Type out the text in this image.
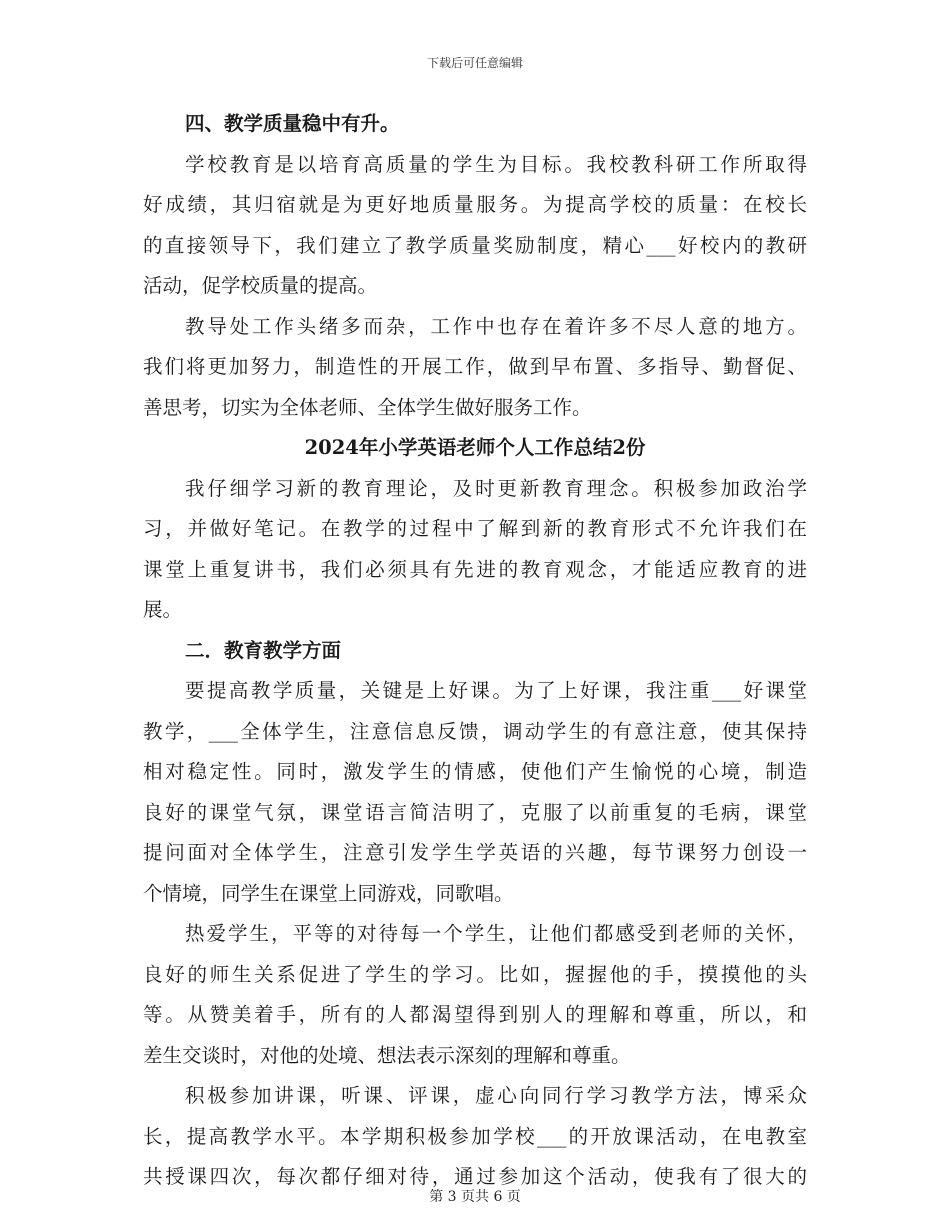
下载后可任意编辑
四、教学质量稳中有升。
学校教育是以培育高质量的学生为目标。我校教科研工作所取得
好成绩，其归宿就是为更好地质量服务。为提高学校的质量：在校长
的直接领导下，我们建立了教学质量奖励制度，精心___好校内的教研
活动，促学校质量的提高。
教导处工作头绪多而杂，工作中也存在着许多不尽人意的地方。
我们将更加努力，制造性的开展工作，做到早布置、多指导、勤督促、
善思考，切实为全体老师、全体学生做好服务工作。
2024年小学英语老师个人工作总结2份
我仔细学习新的教育理论，及时更新教育理念。积极参加政治学
习，并做好笔记。在教学的过程中了解到新的教育形式不允许我们在
课堂上重复讲书，我们必须具有先进的教育观念，才能适应教育的进
展。
二．教育教学方面
要提高教学质量，关键是上好课。为了上好课，我注重___好课堂
教学，___全体学生，注意信息反馈，调动学生的有意注意，使其保持
相对稳定性。同时，激发学生的情感，使他们产生愉悦的心境，制造
良好的课堂气氛，课堂语言简洁明了，克服了以前重复的毛病，课堂
提问面对全体学生，注意引发学生学英语的兴趣，每节课努力创设一
个情境，同学生在课堂上同游戏，同歌唱。
热爱学生，平等的对待每一个学生，让他们都感受到老师的关怀，
良好的师生关系促进了学生的学习。比如，握握他的手，摸摸他的头
等。从赞美着手，所有的人都渴望得到别人的理解和尊重，所以，和
差生交谈时，对他的处境、想法表示深刻的理解和尊重。
积极参加讲课，听课、评课，虚心向同行学习教学方法，博采众
长，提高教学水平。本学期积极参加学校___的开放课活动，在电教室
共授课四次，每次都仔细对待，通过参加这个活动，使我有了很大的
第 3 页共 6 页
